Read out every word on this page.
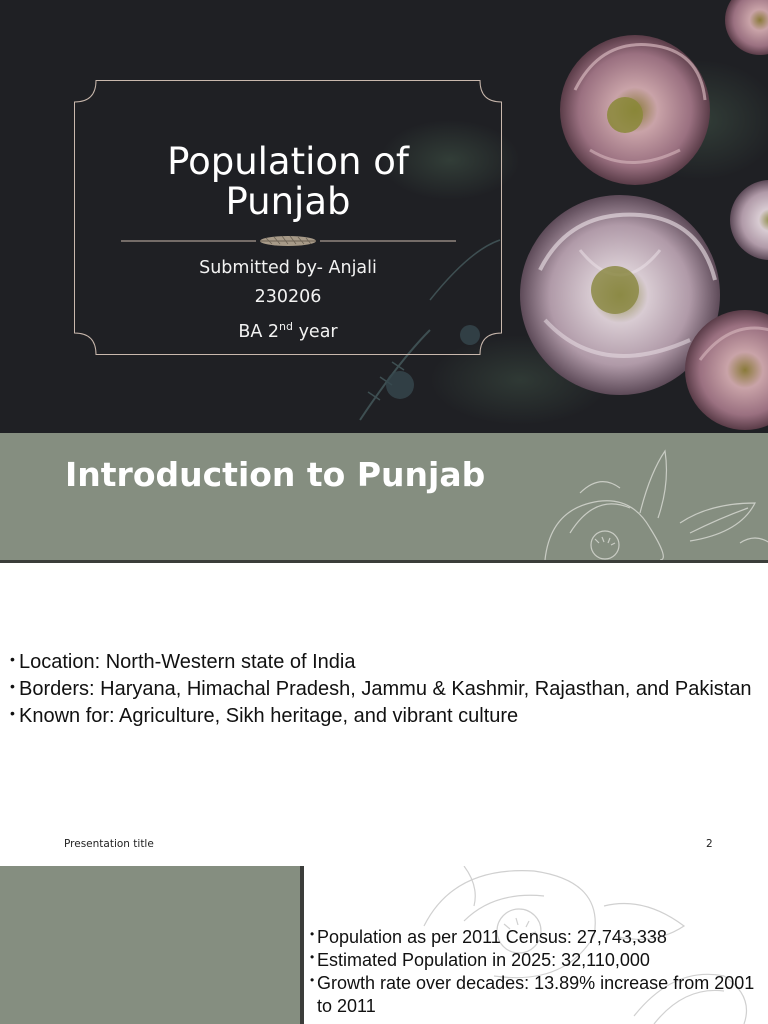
Population of
Punjab
Submitted by- Anjali
230206
BA 2nd year
Introduction to Punjab
• Location: North-Western state of India
• Borders: Haryana, Himachal Pradesh, Jammu & Kashmir, Rajasthan, and Pakistan
• Known for: Agriculture, Sikh heritage, and vibrant culture
Presentation title	2
• Population as per 2011 Census: 27,743,338
• Estimated Population in 2025: 32,110,000
• Growth rate over decades: 13.89% increase from 2001 to 2011
